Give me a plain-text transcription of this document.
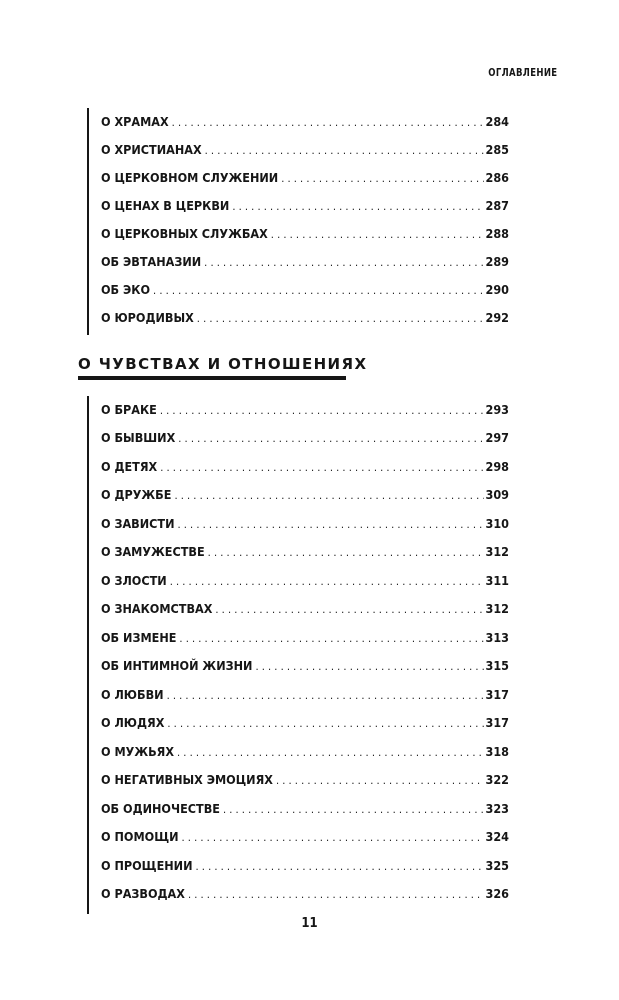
ОГЛАВЛЕНИЕ
О ХРАМАХ . . .	284
О ХРИСТИАНАХ . . .	285
О ЦЕРКОВНОМ СЛУЖЕНИИ . . .	286
О ЦЕНАХ В ЦЕРКВИ . . .	287
О ЦЕРКОВНЫХ СЛУЖБАХ . . .	288
ОБ ЭВТАНАЗИИ . . .	289
ОБ ЭКО . . .	290
О ЮРОДИВЫХ . . .	292
О ЧУВСТВАХ И ОТНОШЕНИЯХ
О БРАКЕ . . .	293
О БЫВШИХ . . .	297
О ДЕТЯХ . . .	298
О ДРУЖБЕ . . .	309
О ЗАВИСТИ . . .	310
О ЗАМУЖЕСТВЕ . . .	312
О ЗЛОСТИ . . .	311
О ЗНАКОМСТВАХ . . .	312
ОБ ИЗМЕНЕ . . .	313
ОБ ИНТИМНОЙ ЖИЗНИ . . .	315
О ЛЮБВИ . . .	317
О ЛЮДЯХ . . .	317
О МУЖЬЯХ . . .	318
О НЕГАТИВНЫХ ЭМОЦИЯХ . . .	322
ОБ ОДИНОЧЕСТВЕ . . .	323
О ПОМОЩИ . . .	324
О ПРОЩЕНИИ . . .	325
О РАЗВОДАХ . . .	326
11
